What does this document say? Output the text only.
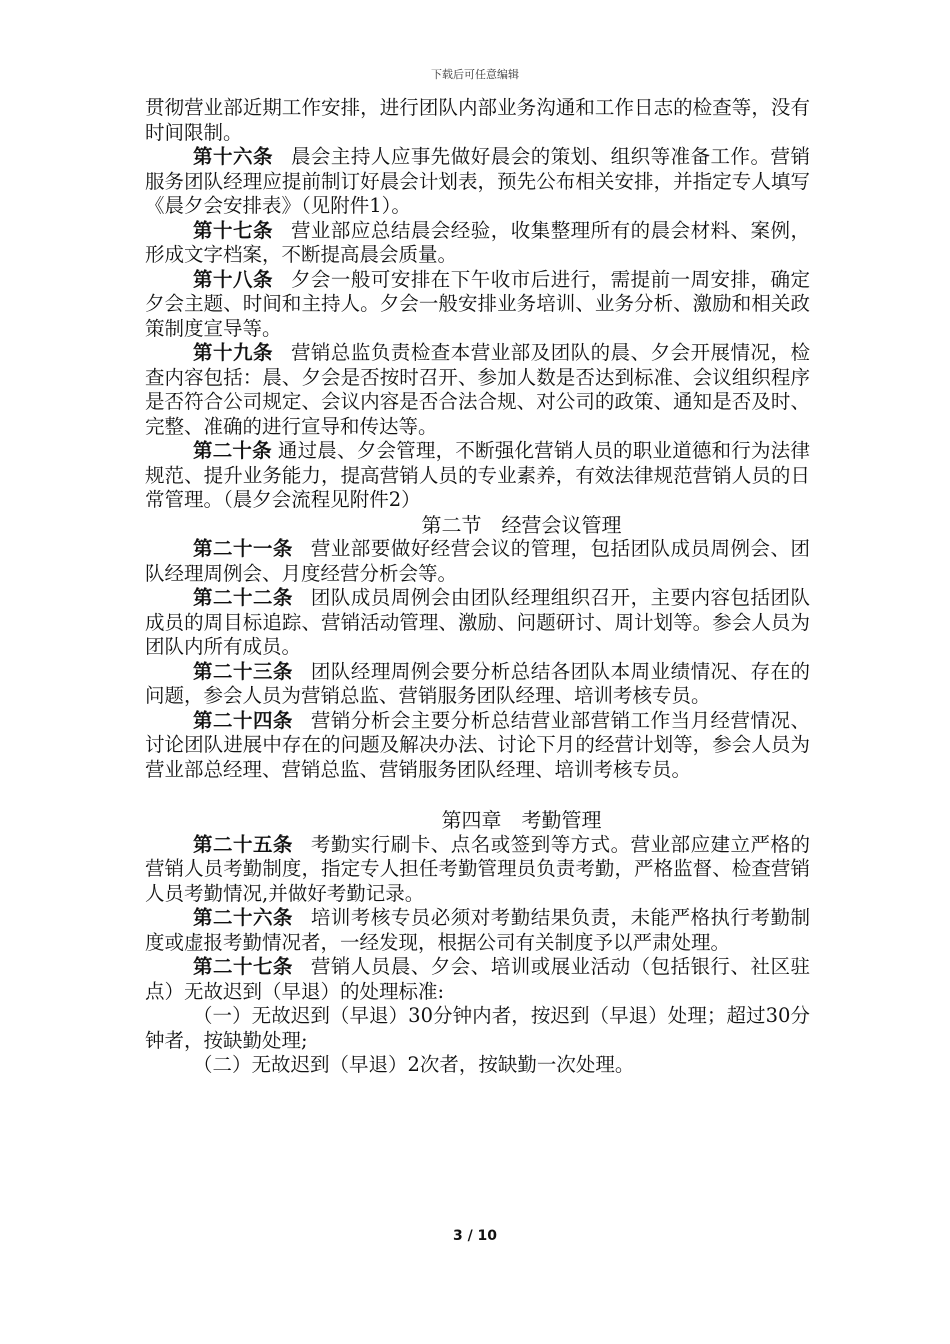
下载后可任意编辑

贯彻营业部近期工作安排，进行团队内部业务沟通和工作日志的检查等，没有时间限制。

第十六条 晨会主持人应事先做好晨会的策划、组织等准备工作。营销服务团队经理应提前制订好晨会计划表，预先公布相关安排，并指定专人填写《晨夕会安排表》（见附件1）。

第十七条 营业部应总结晨会经验，收集整理所有的晨会材料、案例，形成文字档案，不断提高晨会质量。

第十八条 夕会一般可安排在下午收市后进行，需提前一周安排，确定夕会主题、时间和主持人。夕会一般安排业务培训、业务分析、激励和相关政策制度宣导等。

第十九条 营销总监负责检查本营业部及团队的晨、夕会开展情况，检查内容包括：晨、夕会是否按时召开、参加人数是否达到标准、会议组织程序是否符合公司规定、会议内容是否合法合规、对公司的政策、通知是否及时、完整、准确的进行宣导和传达等。

第二十条 通过晨、夕会管理，不断强化营销人员的职业道德和行为法律规范、提升业务能力，提高营销人员的专业素养，有效法律规范营销人员的日常管理。（晨夕会流程见附件2）

第二节　经营会议管理

第二十一条 营业部要做好经营会议的管理，包括团队成员周例会、团队经理周例会、月度经营分析会等。

第二十二条 团队成员周例会由团队经理组织召开，主要内容包括团队成员的周目标追踪、营销活动管理、激励、问题研讨、周计划等。参会人员为团队内所有成员。

第二十三条 团队经理周例会要分析总结各团队本周业绩情况、存在的问题，参会人员为营销总监、营销服务团队经理、培训考核专员。

第二十四条 营销分析会主要分析总结营业部营销工作当月经营情况、讨论团队进展中存在的问题及解决办法、讨论下月的经营计划等，参会人员为营业部总经理、营销总监、营销服务团队经理、培训考核专员。

第四章　考勤管理

第二十五条 考勤实行刷卡、点名或签到等方式。营业部应建立严格的营销人员考勤制度，指定专人担任考勤管理员负责考勤，严格监督、检查营销人员考勤情况,并做好考勤记录。

第二十六条 培训考核专员必须对考勤结果负责，未能严格执行考勤制度或虚报考勤情况者，一经发现，根据公司有关制度予以严肃处理。

第二十七条 营销人员晨、夕会、培训或展业活动（包括银行、社区驻点）无故迟到（早退）的处理标准:

（一）无故迟到（早退）30分钟内者，按迟到（早退）处理；超过30分钟者，按缺勤处理;

（二）无故迟到（早退）2次者，按缺勤一次处理。

3 / 10
